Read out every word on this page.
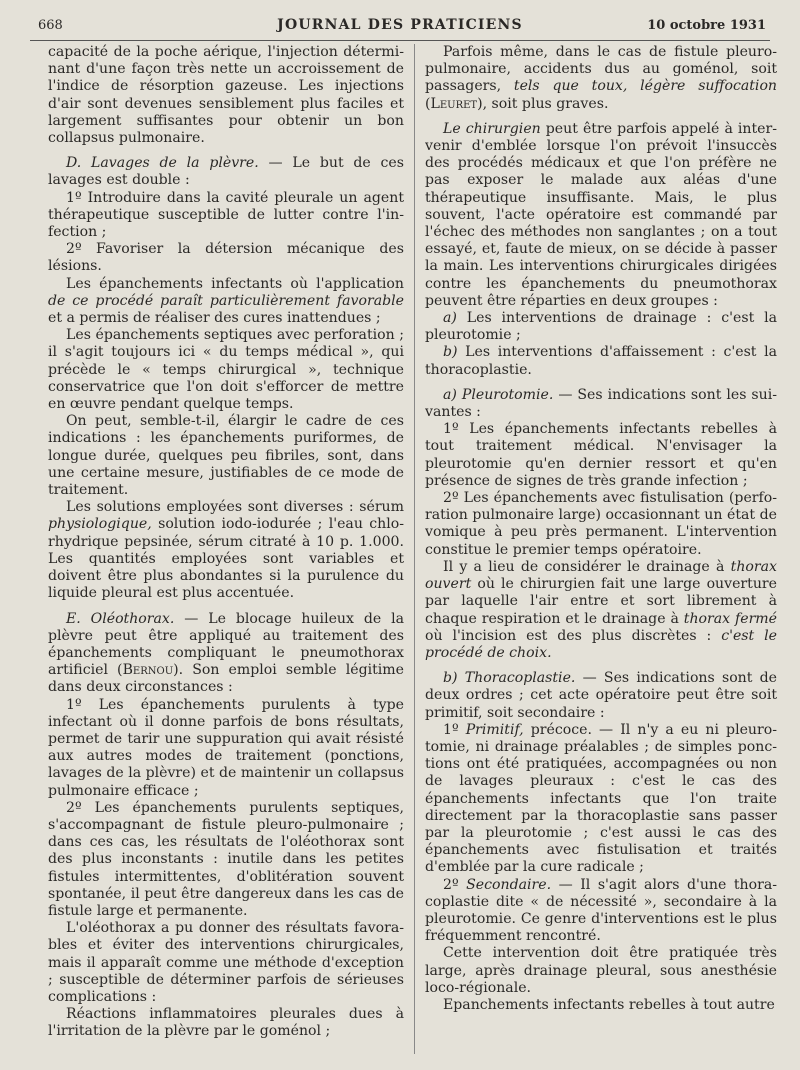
668	JOURNAL DES PRATICIENS	10 octobre 1931

capacité de la poche aérique, l'injection déterminant d'une façon très nette un accroissement de l'indice de résorption gazeuse. Les injections d'air sont devenues sensiblement plus faciles et largement suffisantes pour obtenir un bon collapsus pulmonaire.

D. Lavages de la plèvre. — Le but de ces lavages est double :

1º Introduire dans la cavité pleurale un agent thérapeutique susceptible de lutter contre l'infection ;

2º Favoriser la détersion mécanique des lésions.

Les épanchements infectants où l'application de ce procédé paraît particulièrement favorable et a permis de réaliser des cures inattendues ;

Les épanchements septiques avec perforation ; il s'agit toujours ici « du temps médical », qui précède le « temps chirurgical », technique conservatrice que l'on doit s'efforcer de mettre en œuvre pendant quelque temps.

On peut, semble-t-il, élargir le cadre de ces indications : les épanchements puriformes, de longue durée, quelques peu fibriles, sont, dans une certaine mesure, justifiables de ce mode de traitement.

Les solutions employées sont diverses : sérum physiologique, solution iodo-iodurée ; l'eau chlorhydrique pepsinée, sérum citraté à 10 p. 1.000. Les quantités employées sont variables et doivent être plus abondantes si la purulence du liquide pleural est plus accentuée.

E. Oléothorax. — Le blocage huileux de la plèvre peut être appliqué au traitement des épanchements compliquant le pneumothorax artificiel (Bernou). Son emploi semble légitime dans deux circonstances :

1º Les épanchements purulents à type infectant où il donne parfois de bons résultats, permet de tarir une suppuration qui avait résisté aux autres modes de traitement (ponctions, lavages de la plèvre) et de maintenir un collapsus pulmonaire efficace ;

2º Les épanchements purulents septiques, s'accompagnant de fistule pleuro-pulmonaire ; dans ces cas, les résultats de l'oléothorax sont des plus inconstants : inutile dans les petites fistules intermittentes, d'oblitération souvent spontanée, il peut être dangereux dans les cas de fistule large et permanente.

L'oléothorax a pu donner des résultats favorables et éviter des interventions chirurgicales, mais il apparaît comme une méthode d'exception ; susceptible de déterminer parfois de sérieuses complications :

Réactions inflammatoires pleurales dues à l'irritation de la plèvre par le goménol ;

Parfois même, dans le cas de fistule pleuropulmonaire, accidents dus au goménol, soit passagers, tels que toux, légère suffocation (Leuret), soit plus graves.

Le chirurgien peut être parfois appelé à intervenir d'emblée lorsque l'on prévoit l'insuccès des procédés médicaux et que l'on préfère ne pas exposer le malade aux aléas d'une thérapeutique insuffisante. Mais, le plus souvent, l'acte opératoire est commandé par l'échec des méthodes non sanglantes ; on a tout essayé, et, faute de mieux, on se décide à passer la main. Les interventions chirurgicales dirigées contre les épanchements du pneumothorax peuvent être réparties en deux groupes :

a) Les interventions de drainage : c'est la pleurotomie ;

b) Les interventions d'affaissement : c'est la thoracoplastie.

a) Pleurotomie. — Ses indications sont les suivantes :

1º Les épanchements infectants rebelles à tout traitement médical. N'envisager la pleurotomie qu'en dernier ressort et qu'en présence de signes de très grande infection ;

2º Les épanchements avec fistulisation (perforation pulmonaire large) occasionnant un état de vomique à peu près permanent. L'intervention constitue le premier temps opératoire.

Il y a lieu de considérer le drainage à thorax ouvert où le chirurgien fait une large ouverture par laquelle l'air entre et sort librement à chaque respiration et le drainage à thorax fermé où l'incision est des plus discrètes : c'est le procédé de choix.

b) Thoracoplastie. — Ses indications sont de deux ordres ; cet acte opératoire peut être soit primitif, soit secondaire :

1º Primitif, précoce. — Il n'y a eu ni pleurotomie, ni drainage préalables ; de simples ponctions ont été pratiquées, accompagnées ou non de lavages pleuraux : c'est le cas des épanchements infectants que l'on traite directement par la thoracoplastie sans passer par la pleurotomie ; c'est aussi le cas des épanchements avec fistulisation et traités d'emblée par la cure radicale ;

2º Secondaire. — Il s'agit alors d'une thoracoplastie dite « de nécessité », secondaire à la pleurotomie. Ce genre d'interventions est le plus fréquemment rencontré.

Cette intervention doit être pratiquée très large, après drainage pleural, sous anesthésie loco-régionale.

Epanchements infectants rebelles à tout autre
